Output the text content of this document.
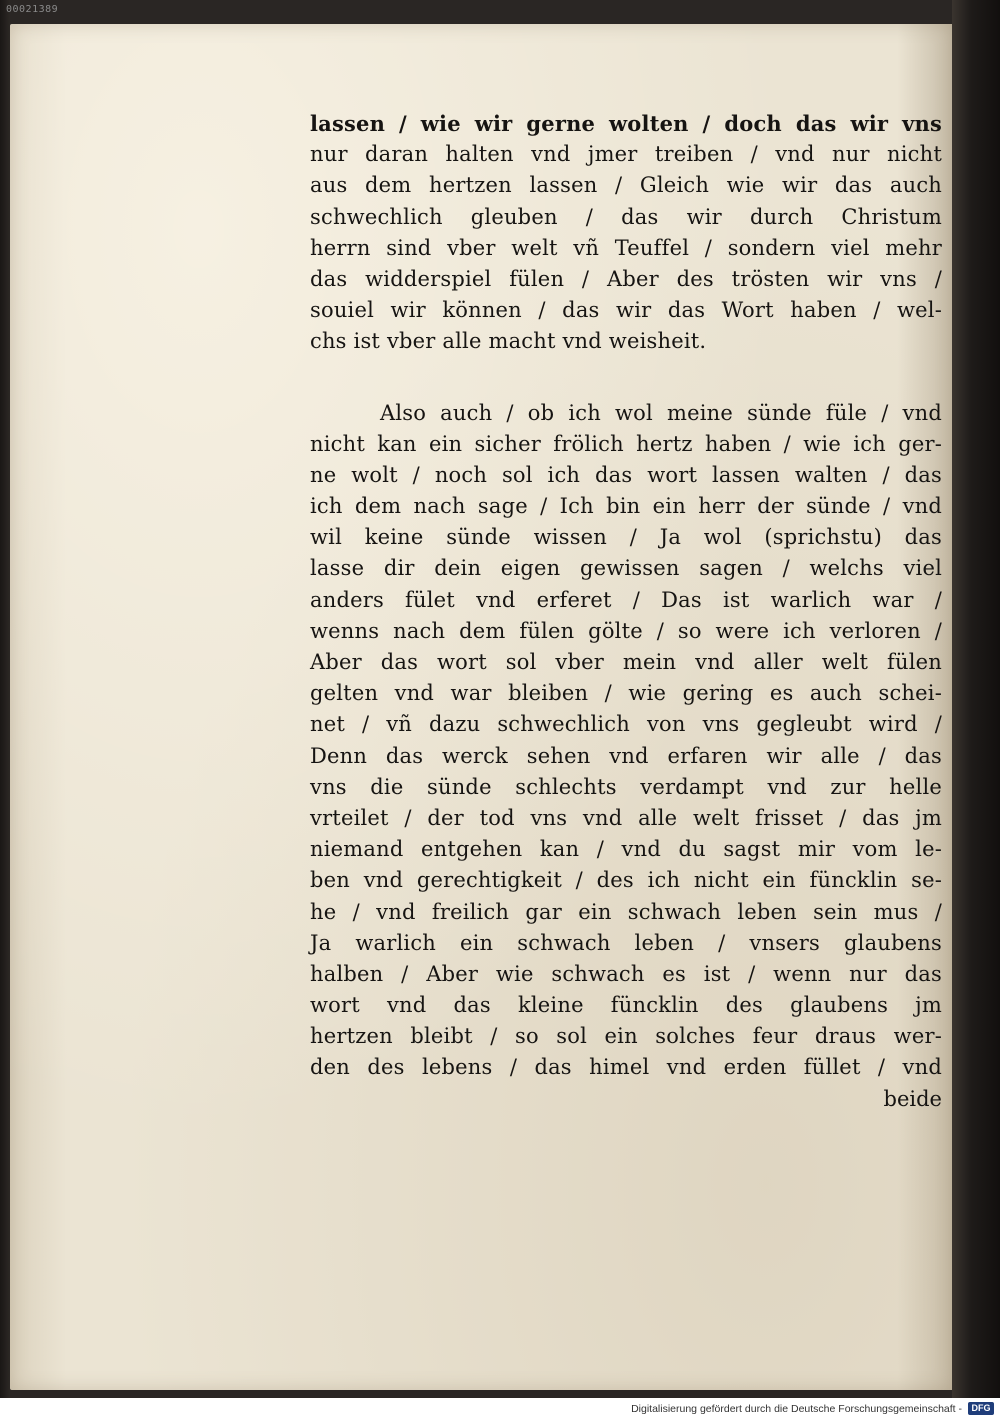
00021389
lassen / wie wir gerne wolten / doch das wir vns
nur daran halten vnd jmer treiben / vnd nur nicht
aus dem hertzen lassen / Gleich wie wir das auch
schwechlich gleuben / das wir durch Christum
herrn sind vber welt vñ Teuffel / sondern viel mehr
das widderspiel fülen / Aber des trösten wir vns /
souiel wir können / das wir das Wort haben / wel-
chs ist vber alle macht vnd weisheit.
Also auch / ob ich wol meine sünde füle / vnd
nicht kan ein sicher frölich hertz haben / wie ich ger-
ne wolt / noch sol ich das wort lassen walten / das
ich dem nach sage / Ich bin ein herr der sünde / vnd
wil keine sünde wissen / Ja wol (sprichstu) das
lasse dir dein eigen gewissen sagen / welchs viel
anders fület vnd erferet / Das ist warlich war /
wenns nach dem fülen gölte / so were ich verloren /
Aber das wort sol vber mein vnd aller welt fülen
gelten vnd war bleiben / wie gering es auch schei-
net / vñ dazu schwechlich von vns gegleubt wird /
Denn das werck sehen vnd erfaren wir alle / das
vns die sünde schlechts verdampt vnd zur helle
vrteilet / der tod vns vnd alle welt frisset / das jm
niemand entgehen kan / vnd du sagst mir vom le-
ben vnd gerechtigkeit / des ich nicht ein füncklin se-
he / vnd freilich gar ein schwach leben sein mus /
Ja warlich ein schwach leben / vnsers glaubens
halben / Aber wie schwach es ist / wenn nur das
wort vnd das kleine füncklin des glaubens jm
hertzen bleibt / so sol ein solches feur draus wer-
den des lebens / das himel vnd erden füllet / vnd
beide
Digitalisierung gefördert durch die Deutsche Forschungsgemeinschaft -	DFG
